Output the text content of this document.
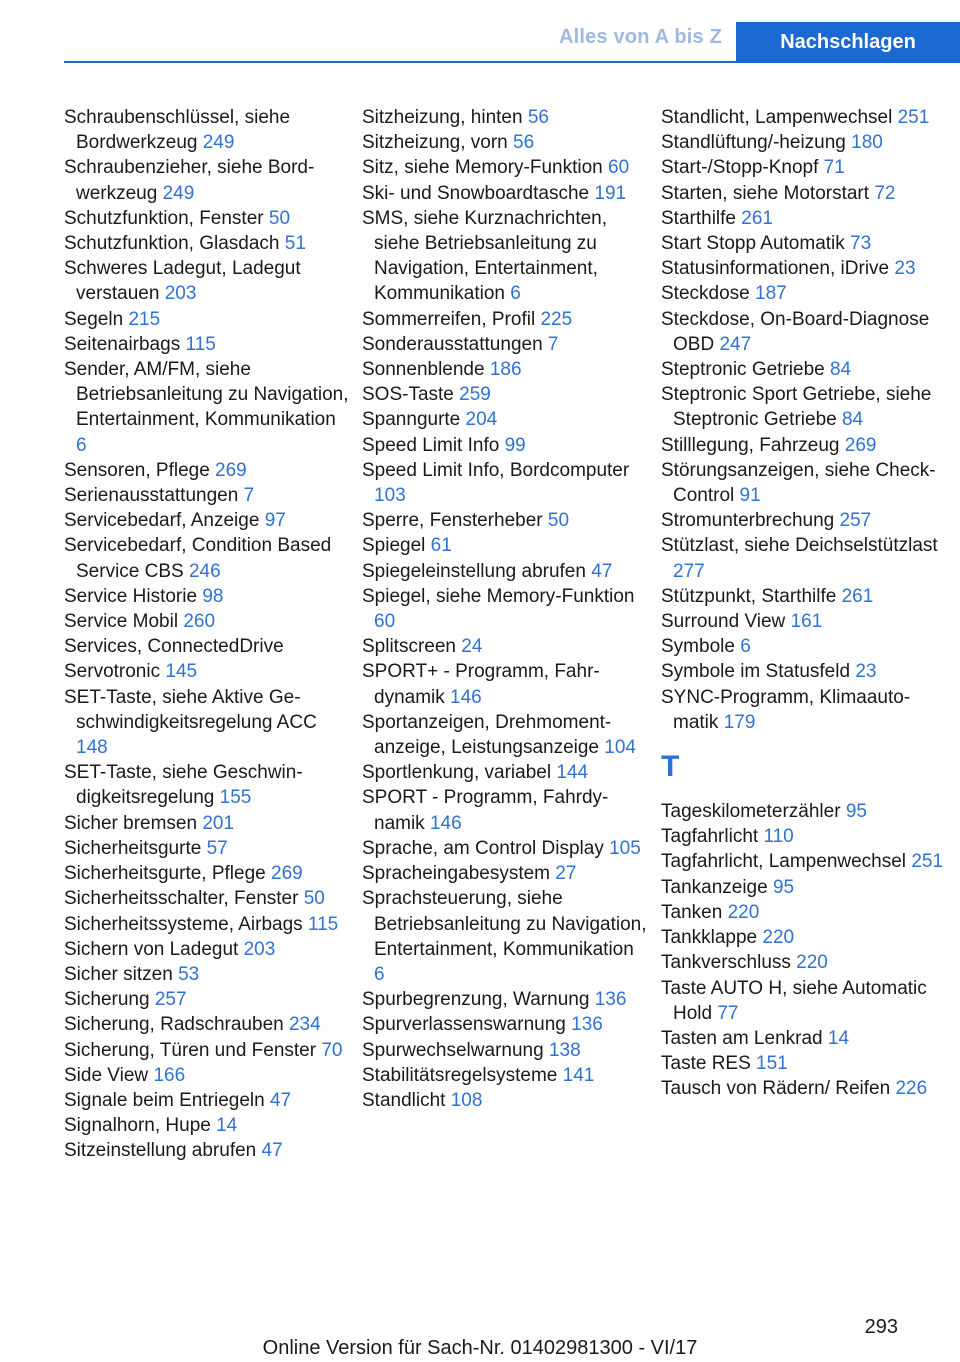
Alles von A bis Z	Nachschlagen
Schraubenschlüssel, siehe Bordwerkzeug 249
Schraubenzieher, siehe Bordwerkzeug 249
Schutzfunktion, Fenster 50
Schutzfunktion, Glasdach 51
Schweres Ladegut, Ladegut verstauen 203
Segeln 215
Seitenairbags 115
Sender, AM/FM, siehe Betriebsanleitung zu Navigation, Entertainment, Kommunikation 6
Sensoren, Pflege 269
Serienausstattungen 7
Servicebedarf, Anzeige 97
Servicebedarf, Condition Based Service CBS 246
Service Historie 98
Service Mobil 260
Services, ConnectedDrive
Servotronic 145
SET-Taste, siehe Aktive Geschwindigkeitsregelung ACC 148
SET-Taste, siehe Geschwindigkeitsregelung 155
Sicher bremsen 201
Sicherheitsgurte 57
Sicherheitsgurte, Pflege 269
Sicherheitsschalter, Fenster 50
Sicherheitssysteme, Airbags 115
Sichern von Ladegut 203
Sicher sitzen 53
Sicherung 257
Sicherung, Radschrauben 234
Sicherung, Türen und Fenster 70
Side View 166
Signale beim Entriegeln 47
Signalhorn, Hupe 14
Sitzeinstellung abrufen 47
Sitzheizung, hinten 56
Sitzheizung, vorn 56
Sitz, siehe Memory-Funktion 60
Ski- und Snowboardtasche 191
SMS, siehe Kurznachrichten, siehe Betriebsanleitung zu Navigation, Entertainment, Kommunikation 6
Sommerreifen, Profil 225
Sonderausstattungen 7
Sonnenblende 186
SOS-Taste 259
Spanngurte 204
Speed Limit Info 99
Speed Limit Info, Bordcomputer 103
Sperre, Fensterheber 50
Spiegel 61
Spiegeleinstellung abrufen 47
Spiegel, siehe Memory-Funktion 60
Splitscreen 24
SPORT+ - Programm, Fahrdynamik 146
Sportanzeigen, Drehmomentanzeige, Leistungsanzeige 104
Sportlenkung, variabel 144
SPORT - Programm, Fahrdynamik 146
Sprache, am Control Display 105
Spracheingabesystem 27
Sprachsteuerung, siehe Betriebsanleitung zu Navigation, Entertainment, Kommunikation 6
Spurbegrenzung, Warnung 136
Spurverlassenswarnung 136
Spurwechselwarnung 138
Stabilitätsregelsysteme 141
Standlicht 108
Standlicht, Lampenwechsel 251
Standlüftung/-heizung 180
Start-/Stopp-Knopf 71
Starten, siehe Motorstart 72
Starthilfe 261
Start Stopp Automatik 73
Statusinformationen, iDrive 23
Steckdose 187
Steckdose, On-Board-Diagnose OBD 247
Steptronic Getriebe 84
Steptronic Sport Getriebe, siehe Steptronic Getriebe 84
Stilllegung, Fahrzeug 269
Störungsanzeigen, siehe Check-Control 91
Stromunterbrechung 257
Stützlast, siehe Deichselstützlast 277
Stützpunkt, Starthilfe 261
Surround View 161
Symbole 6
Symbole im Statusfeld 23
SYNC-Programm, Klimaautomatik 179
T
Tageskilometerzähler 95
Tagfahrlicht 110
Tagfahrlicht, Lampenwechsel 251
Tankanzeige 95
Tanken 220
Tankklappe 220
Tankverschluss 220
Taste AUTO H, siehe Automatic Hold 77
Tasten am Lenkrad 14
Taste RES 151
Tausch von Rädern/ Reifen 226
293
Online Version für Sach-Nr. 01402981300 - VI/17
